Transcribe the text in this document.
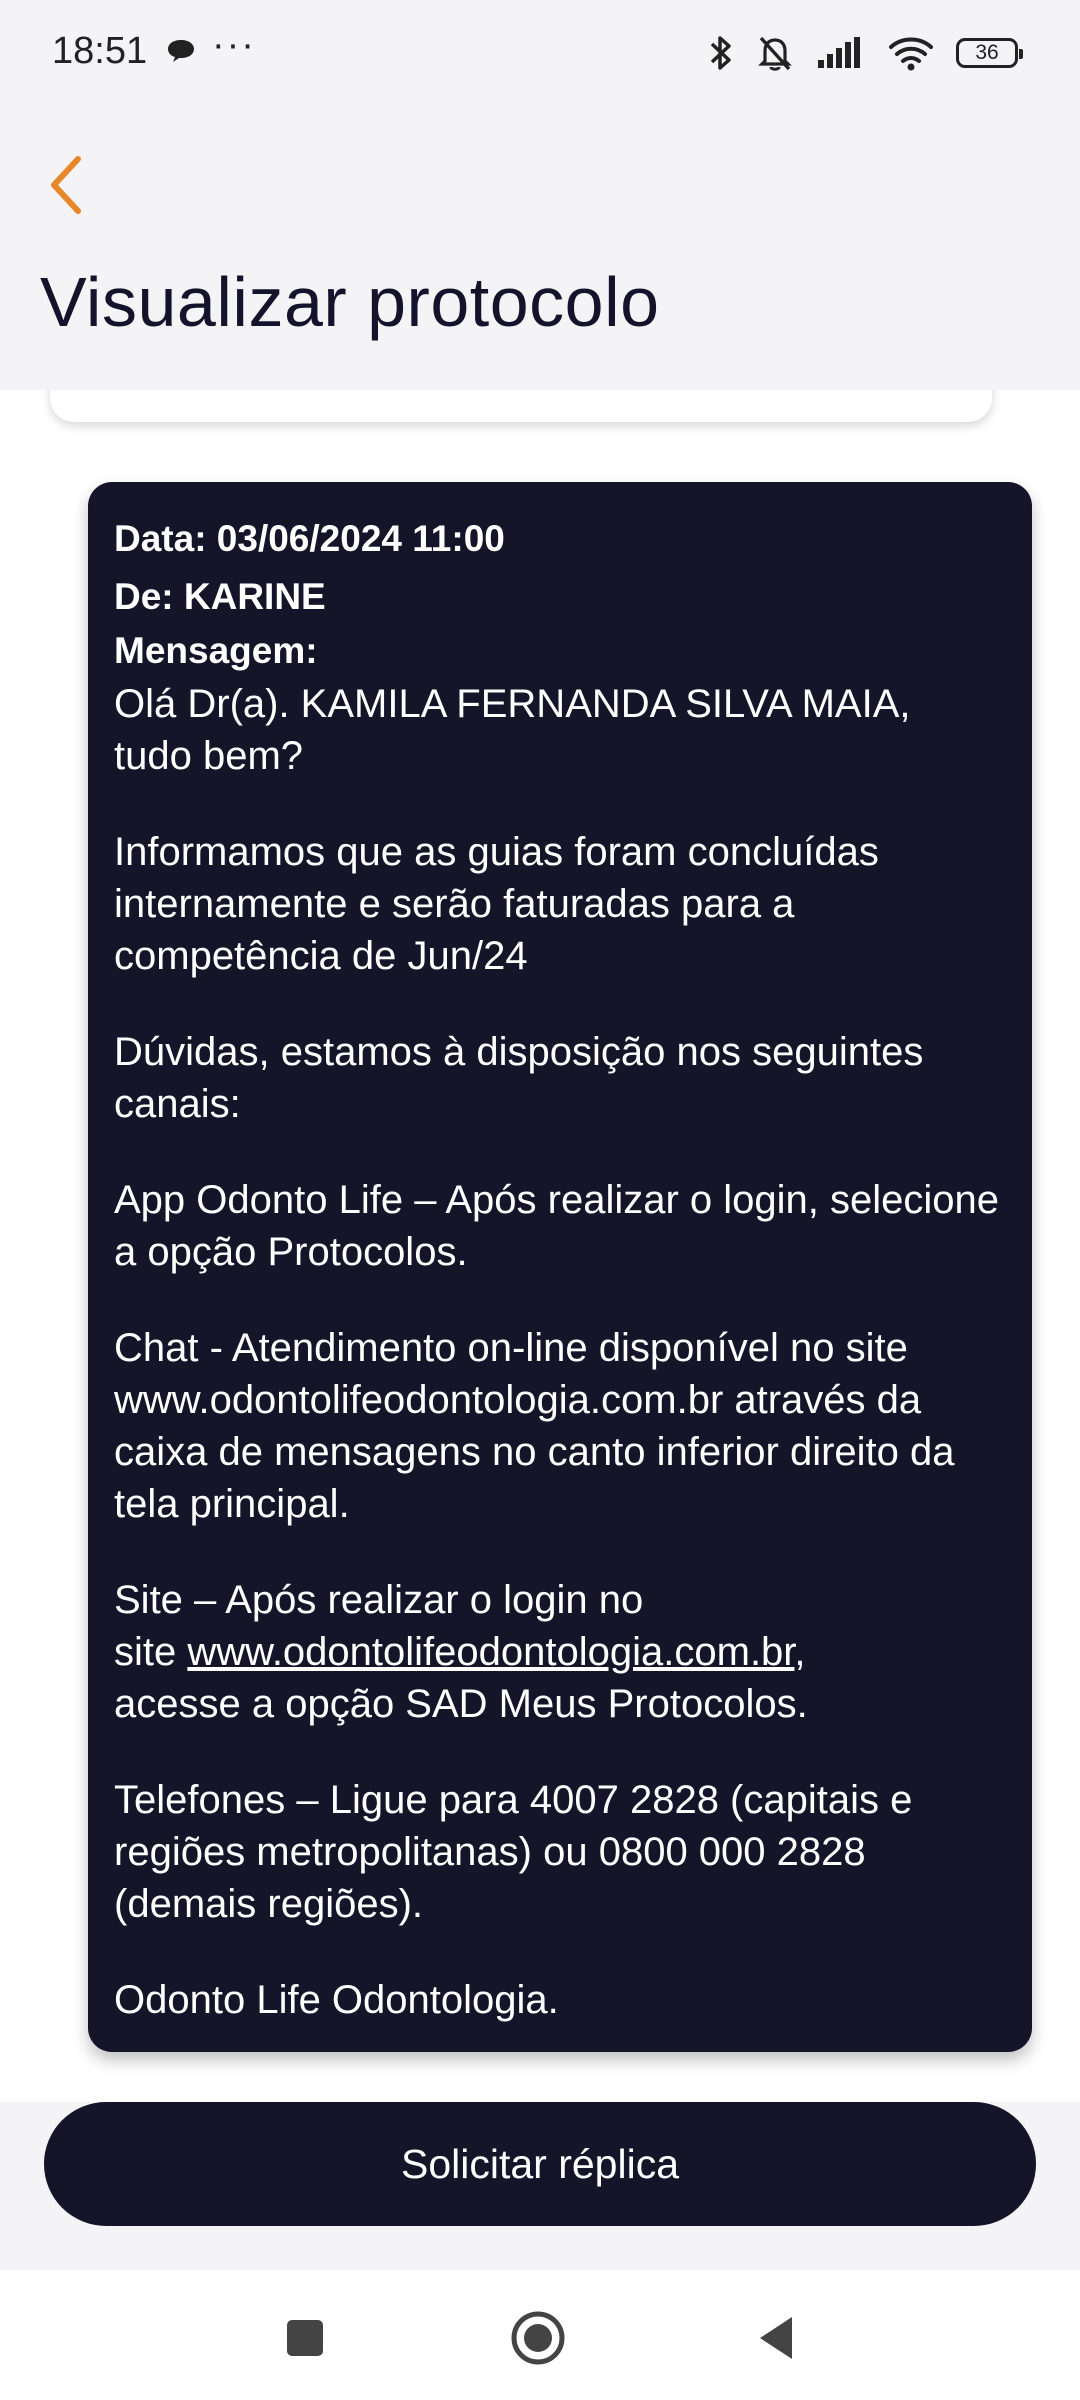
18:51 ···	36
Visualizar protocolo

Data: 03/06/2024 11:00

De: KARINE

Mensagem:

Olá Dr(a). KAMILA FERNANDA SILVA MAIA,
tudo bem?

Informamos que as guias foram concluídas internamente e serão faturadas para a competência de Jun/24

Dúvidas, estamos à disposição nos seguintes canais:

App Odonto Life – Após realizar o login, selecione a opção Protocolos.

Chat - Atendimento on-line disponível no site www.odontolifeodontologia.com.br através da caixa de mensagens no canto inferior direito da tela principal.

Site – Após realizar o login no
site www.odontolifeodontologia.com.br,
acesse a opção SAD Meus Protocolos.

Telefones – Ligue para 4007 2828 (capitais e regiões metropolitanas) ou 0800 000 2828 (demais regiões).

Odonto Life Odontologia.

Solicitar réplica
